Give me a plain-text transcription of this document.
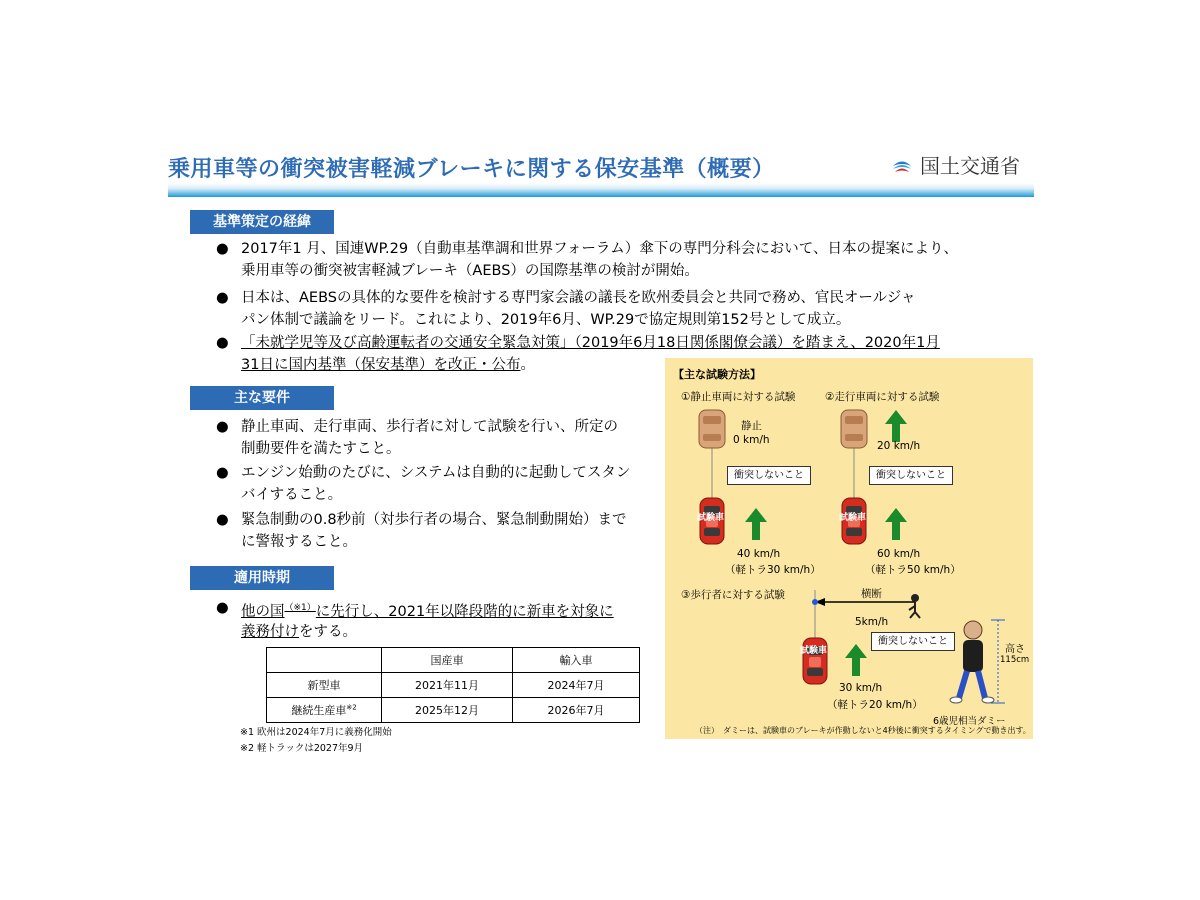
乗用車等の衝突被害軽減ブレーキに関する保安基準（概要）	国土交通省
基準策定の経緯
● 2017年1 月、国連WP.29（自動車基準調和世界フォーラム）傘下の専門分科会において、日本の提案により、
乗用車等の衝突被害軽減ブレーキ（AEBS）の国際基準の検討が開始。
● 日本は、AEBSの具体的な要件を検討する専門家会議の議長を欧州委員会と共同で務め、官民オールジャ
パン体制で議論をリード。これにより、2019年6月、WP.29で協定規則第152号として成立。
● 「未就学児等及び高齢運転者の交通安全緊急対策」（2019年6月18日関係閣僚会議）を踏まえ、2020年1月
31日に国内基準（保安基準）を改正・公布。
主な要件
● 静止車両、走行車両、歩行者に対して試験を行い、所定の
制動要件を満たすこと。
● エンジン始動のたびに、システムは自動的に起動してスタン
バイすること。
● 緊急制動の0.8秒前（対歩行者の場合、緊急制動開始）まで
に警報すること。
適用時期
● 他の国$^{(※1)}$に先行し、2021年以降段階的に新車を対象に
義務付けをする。
	国産車	輸入車
新型車	2021年11月	2024年7月
継続生産車$^{※2}$	2025年12月	2026年7月
※1 欧州は2024年7月に義務化開始
※2 軽トラックは2027年9月
【主な試験方法】
①静止車両に対する試験
静止
0 km/h
衝突しないこと
試験車
40 km/h
（軽トラ30 km/h）
②走行車両に対する試験
20 km/h
衝突しないこと
試験車
60 km/h
（軽トラ50 km/h）
③歩行者に対する試験	横断
5km/h
衝突しないこと
試験車
30 km/h
（軽トラ20 km/h）
高さ
115cm
6歳児相当ダミー
（注）　ダミーは、試験車のブレーキが作動しないと4秒後に衝突するタイミングで動き出す。
